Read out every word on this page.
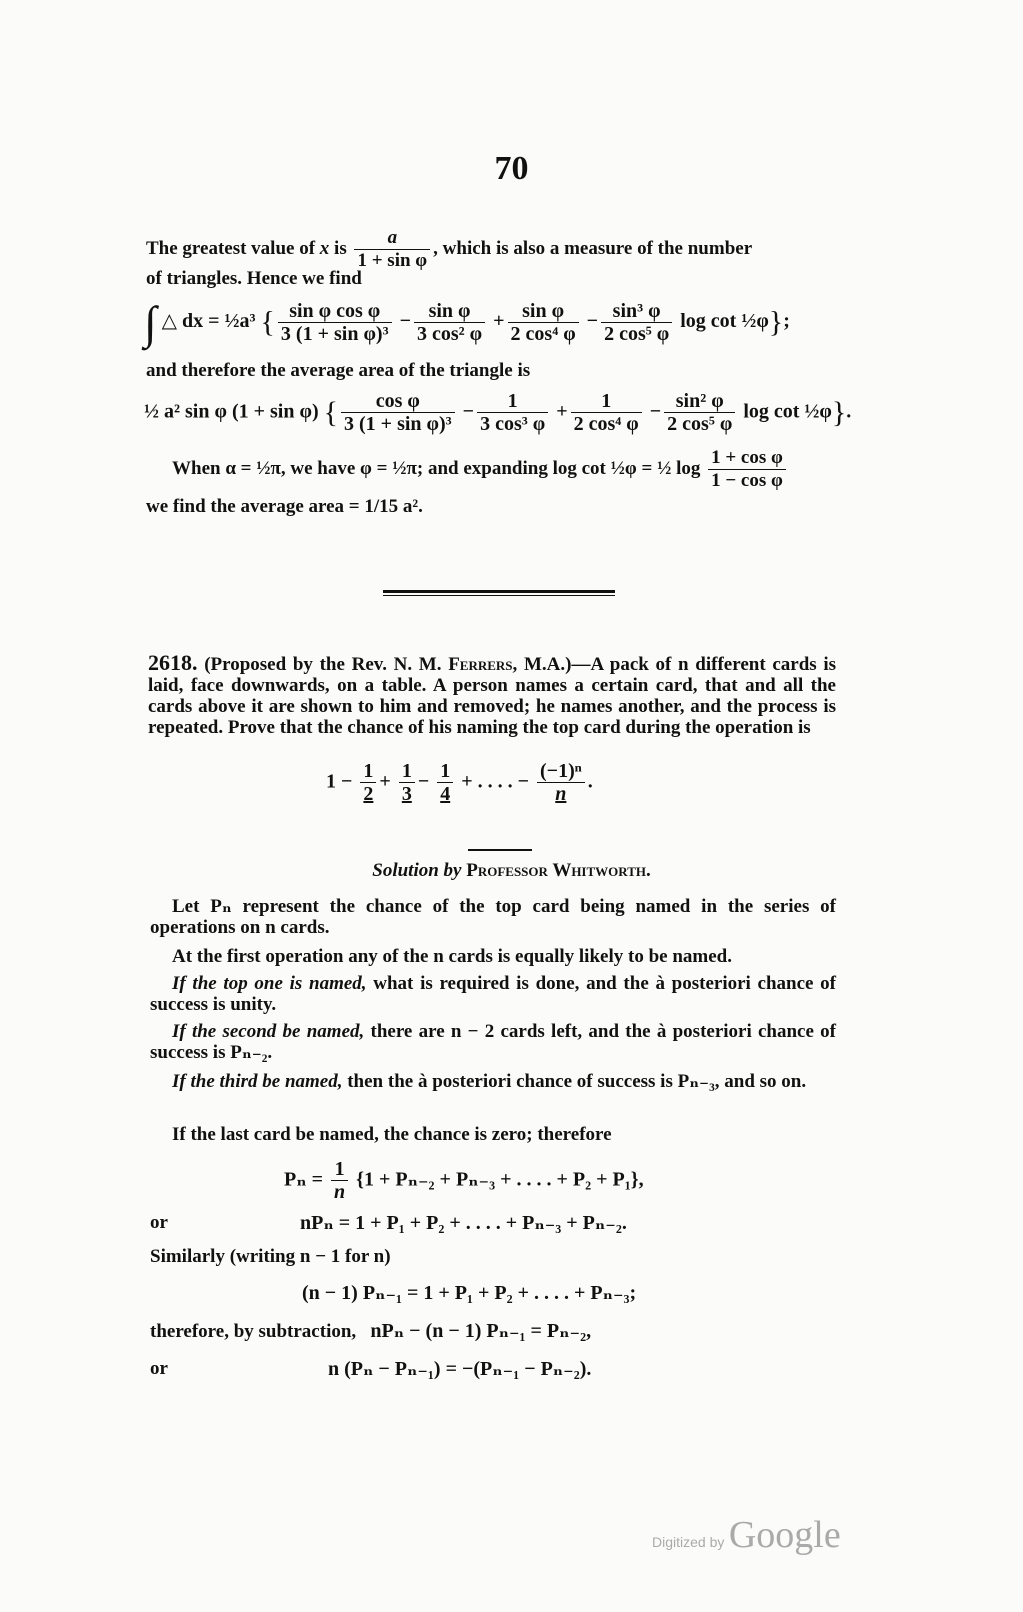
70
The greatest value of x is $\frac{a}{\text{1 + sin φ}}$ , which is also a measure of the number
of triangles. Hence we find
∫ △ dx = ½a³ { $\frac{\text{sin φ cos φ}}{\text{3 (1 + sin φ)³}} - \frac{\text{sin φ}}{\text{3 cos² φ}} + \frac{\text{sin φ}}{\text{2 cos⁴ φ}} - \frac{\text{sin³ φ}}{\text{2 cos⁵ φ}}$ log cot ½φ};
and therefore the average area of the triangle is
½ a² sin φ (1 + sin φ) { $\frac{\text{cos φ}}{\text{3 (1 + sin φ)³}} - \frac{1}{\text{3 cos³ φ}} + \frac{1}{\text{2 cos⁴ φ}} - \frac{\text{sin² φ}}{\text{2 cos⁵ φ}}$ log cot ½φ}.
When α = ½π, we have φ = ½π; and expanding log cot ½φ = ½ $\log \frac{\text{1 + cos φ}}{\text{1 − cos φ}}$
we find the average area = 1/15 a².
2618. (Proposed by the Rev. N. M. Ferrers, M.A.)—A pack of n different cards is laid, face downwards, on a table. A person names a certain card, that and all the cards above it are shown to him and removed; he names another, and the process is repeated. Prove that the chance of his naming the top card during the operation is
$1 - \frac{1}{2} + \frac{1}{3} - \frac{1}{4}$ + . . . . − $\frac{\text{(−1)ⁿ}}{n}$ .
Solution by Professor Whitworth.
Let Pₙ represent the chance of the top card being named in the series of operations on n cards.
At the first operation any of the n cards is equally likely to be named.
If the top one is named, what is required is done, and the à posteriori chance of success is unity.
If the second be named, there are n − 2 cards left, and the à posteriori chance of success is Pₙ₋₂.
If the third be named, then the à posteriori chance of success is Pₙ₋₃, and so on.
If the last card be named, the chance is zero; therefore
$P_n = \frac{1}{n} \{1 + P_{n-2} + P_{n-3}$ + . . . . + P₂ + P₁},
or	nPₙ = 1 + P₁ + P₂ + . . . . + Pₙ₋₃ + Pₙ₋₂.
Similarly (writing n − 1 for n)
(n − 1) Pₙ₋₁ = 1 + P₁ + P₂ + . . . . + Pₙ₋₃;
therefore, by subtraction, nPₙ − (n − 1) Pₙ₋₁ = Pₙ₋₂,
or	n (Pₙ − Pₙ₋₁) = −(Pₙ₋₁ − Pₙ₋₂).
Digitized by Google
